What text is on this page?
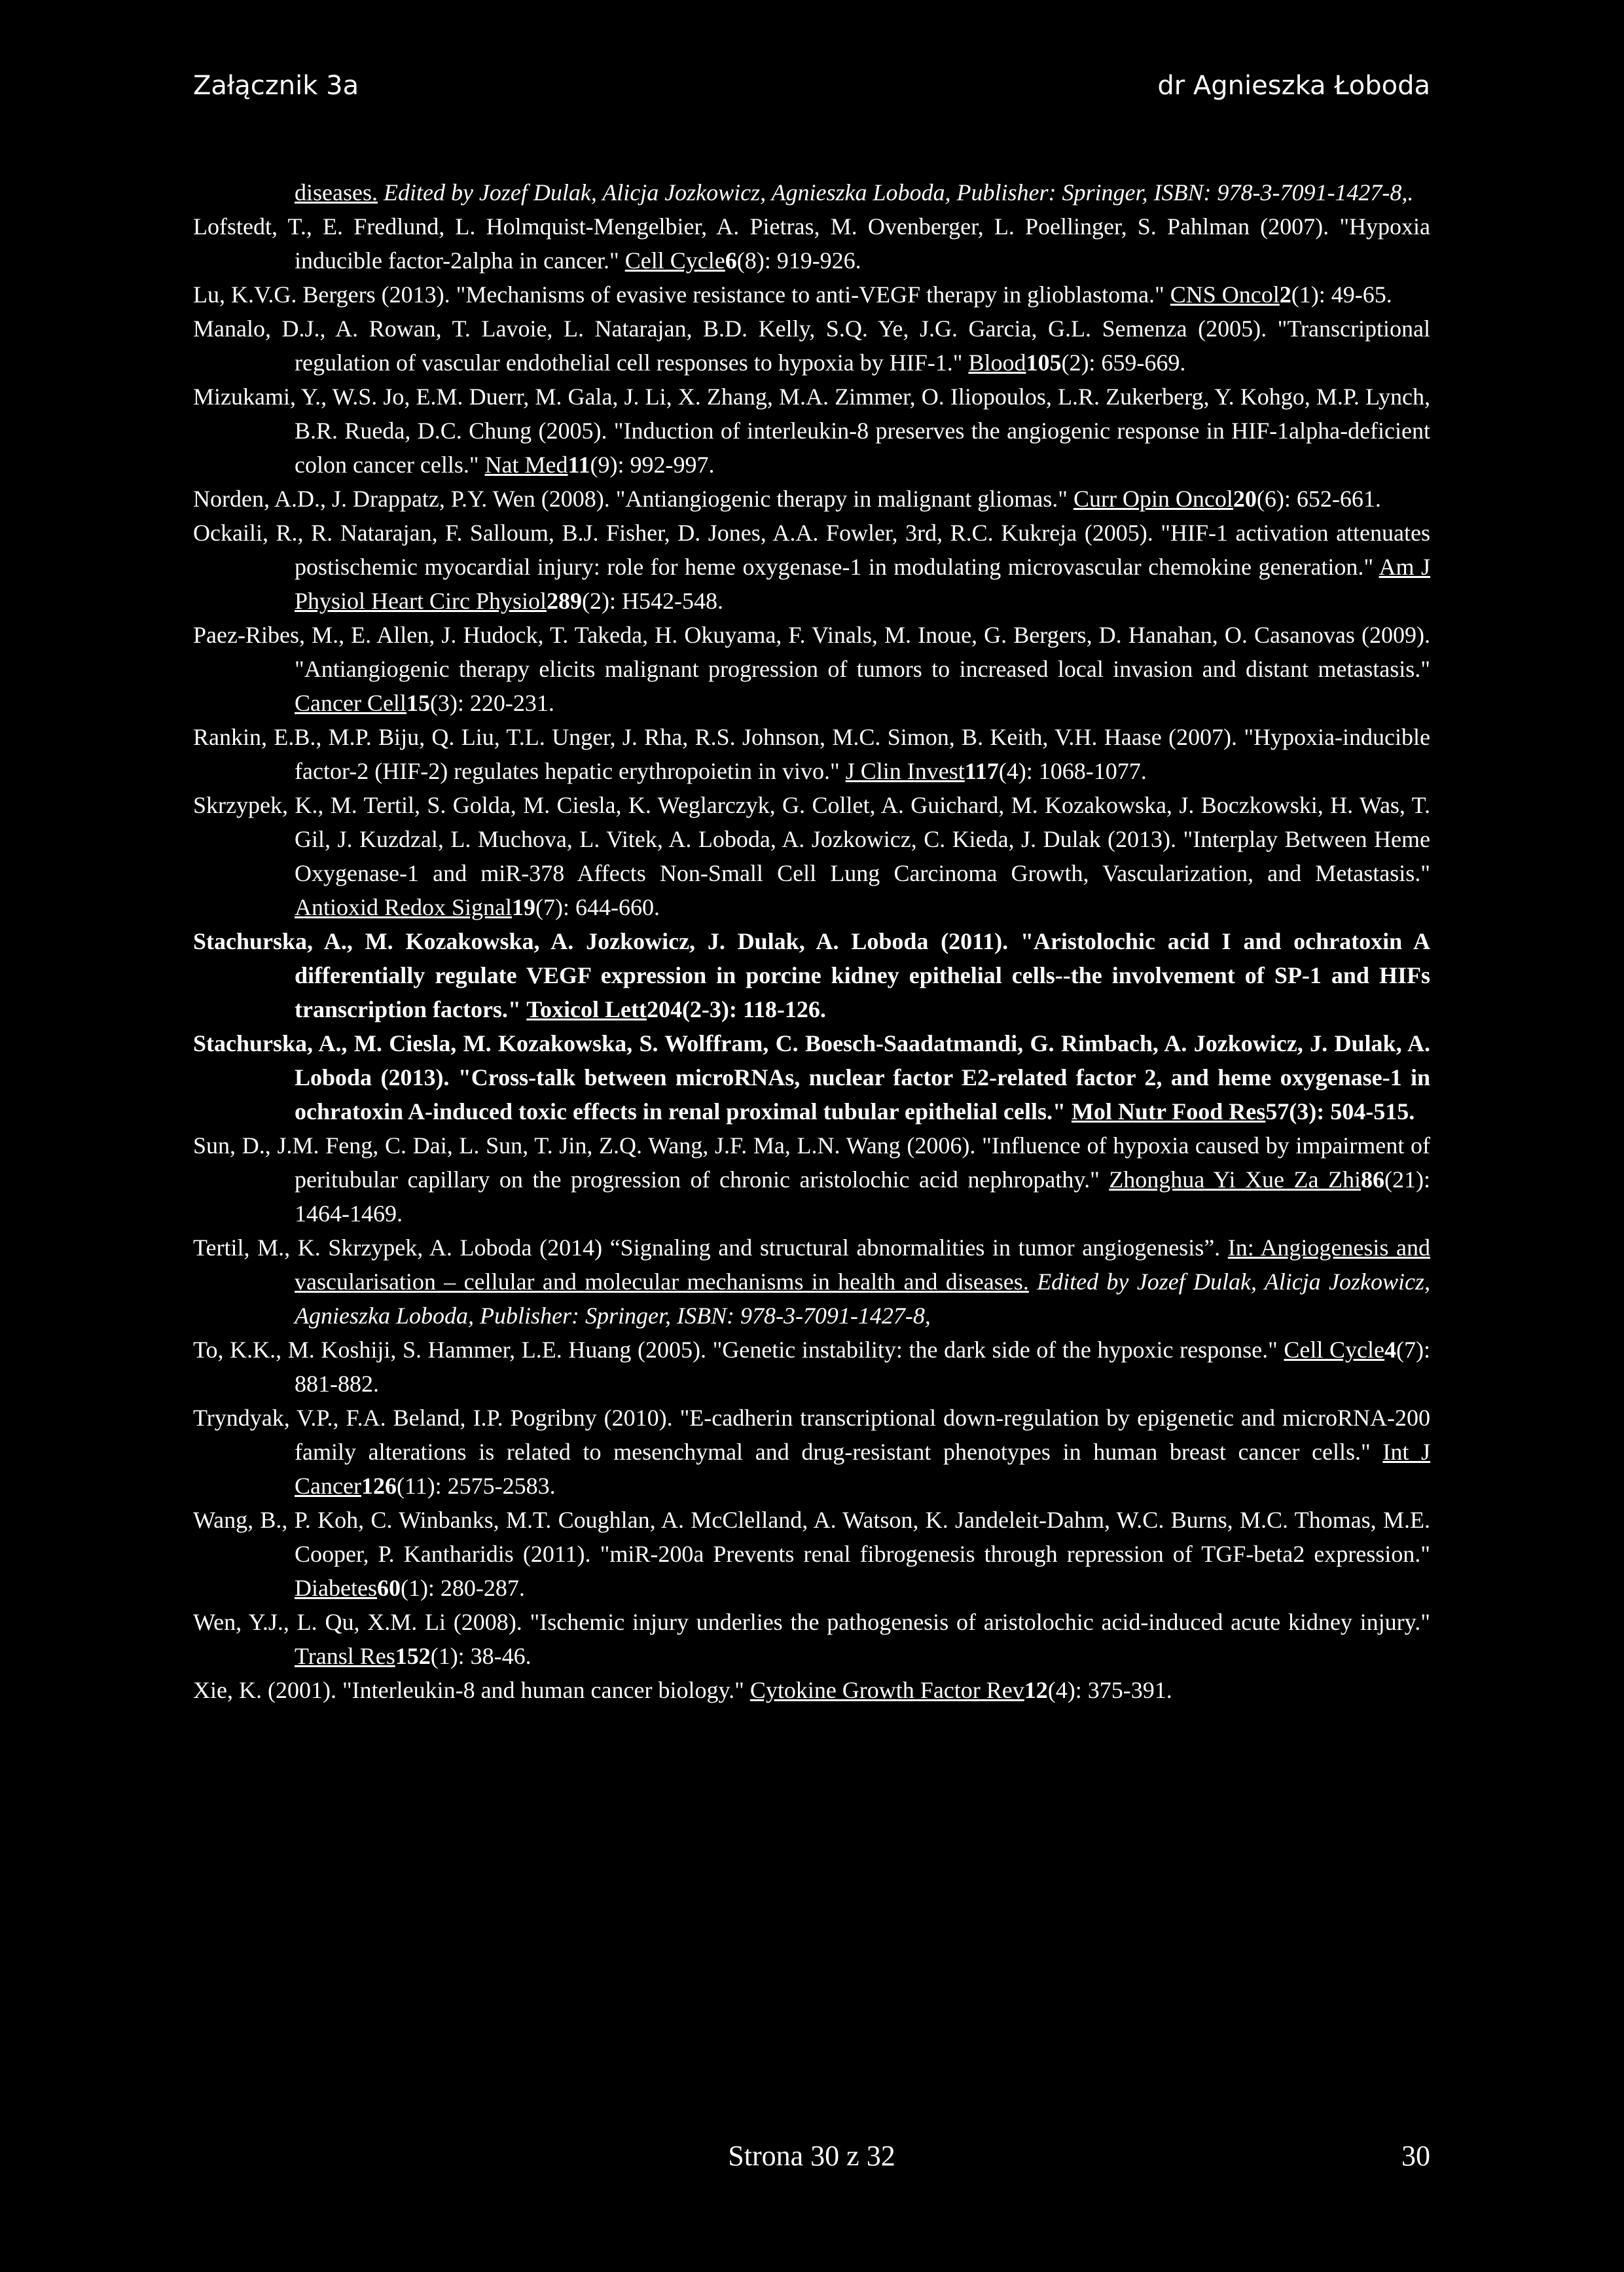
Załącznik 3a	dr Agnieszka Łoboda

diseases. Edited by Jozef Dulak, Alicja Jozkowicz, Agnieszka Loboda, Publisher: Springer, ISBN: 978-3-7091-1427-8,.

Lofstedt, T., E. Fredlund, L. Holmquist-Mengelbier, A. Pietras, M. Ovenberger, L. Poellinger, S. Pahlman (2007). "Hypoxia inducible factor-2alpha in cancer." Cell Cycle6(8): 919-926.

Lu, K.V.G. Bergers (2013). "Mechanisms of evasive resistance to anti-VEGF therapy in glioblastoma." CNS Oncol2(1): 49-65.

Manalo, D.J., A. Rowan, T. Lavoie, L. Natarajan, B.D. Kelly, S.Q. Ye, J.G. Garcia, G.L. Semenza (2005). "Transcriptional regulation of vascular endothelial cell responses to hypoxia by HIF-1." Blood105(2): 659-669.

Mizukami, Y., W.S. Jo, E.M. Duerr, M. Gala, J. Li, X. Zhang, M.A. Zimmer, O. Iliopoulos, L.R. Zukerberg, Y. Kohgo, M.P. Lynch, B.R. Rueda, D.C. Chung (2005). "Induction of interleukin-8 preserves the angiogenic response in HIF-1alpha-deficient colon cancer cells." Nat Med11(9): 992-997.

Norden, A.D., J. Drappatz, P.Y. Wen (2008). "Antiangiogenic therapy in malignant gliomas." Curr Opin Oncol20(6): 652-661.

Ockaili, R., R. Natarajan, F. Salloum, B.J. Fisher, D. Jones, A.A. Fowler, 3rd, R.C. Kukreja (2005). "HIF-1 activation attenuates postischemic myocardial injury: role for heme oxygenase-1 in modulating microvascular chemokine generation." Am J Physiol Heart Circ Physiol289(2): H542-548.

Paez-Ribes, M., E. Allen, J. Hudock, T. Takeda, H. Okuyama, F. Vinals, M. Inoue, G. Bergers, D. Hanahan, O. Casanovas (2009). "Antiangiogenic therapy elicits malignant progression of tumors to increased local invasion and distant metastasis." Cancer Cell15(3): 220-231.

Rankin, E.B., M.P. Biju, Q. Liu, T.L. Unger, J. Rha, R.S. Johnson, M.C. Simon, B. Keith, V.H. Haase (2007). "Hypoxia-inducible factor-2 (HIF-2) regulates hepatic erythropoietin in vivo." J Clin Invest117(4): 1068-1077.

Skrzypek, K., M. Tertil, S. Golda, M. Ciesla, K. Weglarczyk, G. Collet, A. Guichard, M. Kozakowska, J. Boczkowski, H. Was, T. Gil, J. Kuzdzal, L. Muchova, L. Vitek, A. Loboda, A. Jozkowicz, C. Kieda, J. Dulak (2013). "Interplay Between Heme Oxygenase-1 and miR-378 Affects Non-Small Cell Lung Carcinoma Growth, Vascularization, and Metastasis." Antioxid Redox Signal19(7): 644-660.

Stachurska, A., M. Kozakowska, A. Jozkowicz, J. Dulak, A. Loboda (2011). "Aristolochic acid I and ochratoxin A differentially regulate VEGF expression in porcine kidney epithelial cells--the involvement of SP-1 and HIFs transcription factors." Toxicol Lett204(2-3): 118-126.

Stachurska, A., M. Ciesla, M. Kozakowska, S. Wolffram, C. Boesch-Saadatmandi, G. Rimbach, A. Jozkowicz, J. Dulak, A. Loboda (2013). "Cross-talk between microRNAs, nuclear factor E2-related factor 2, and heme oxygenase-1 in ochratoxin A-induced toxic effects in renal proximal tubular epithelial cells." Mol Nutr Food Res57(3): 504-515.

Sun, D., J.M. Feng, C. Dai, L. Sun, T. Jin, Z.Q. Wang, J.F. Ma, L.N. Wang (2006). "Influence of hypoxia caused by impairment of peritubular capillary on the progression of chronic aristolochic acid nephropathy." Zhonghua Yi Xue Za Zhi86(21): 1464-1469.

Tertil, M., K. Skrzypek, A. Loboda (2014) “Signaling and structural abnormalities in tumor angiogenesis”. In: Angiogenesis and vascularisation – cellular and molecular mechanisms in health and diseases. Edited by Jozef Dulak, Alicja Jozkowicz, Agnieszka Loboda, Publisher: Springer, ISBN: 978-3-7091-1427-8,

To, K.K., M. Koshiji, S. Hammer, L.E. Huang (2005). "Genetic instability: the dark side of the hypoxic response." Cell Cycle4(7): 881-882.

Tryndyak, V.P., F.A. Beland, I.P. Pogribny (2010). "E-cadherin transcriptional down-regulation by epigenetic and microRNA-200 family alterations is related to mesenchymal and drug-resistant phenotypes in human breast cancer cells." Int J Cancer126(11): 2575-2583.

Wang, B., P. Koh, C. Winbanks, M.T. Coughlan, A. McClelland, A. Watson, K. Jandeleit-Dahm, W.C. Burns, M.C. Thomas, M.E. Cooper, P. Kantharidis (2011). "miR-200a Prevents renal fibrogenesis through repression of TGF-beta2 expression." Diabetes60(1): 280-287.

Wen, Y.J., L. Qu, X.M. Li (2008). "Ischemic injury underlies the pathogenesis of aristolochic acid-induced acute kidney injury." Transl Res152(1): 38-46.

Xie, K. (2001). "Interleukin-8 and human cancer biology." Cytokine Growth Factor Rev12(4): 375-391.

Strona 30 z 32	30
